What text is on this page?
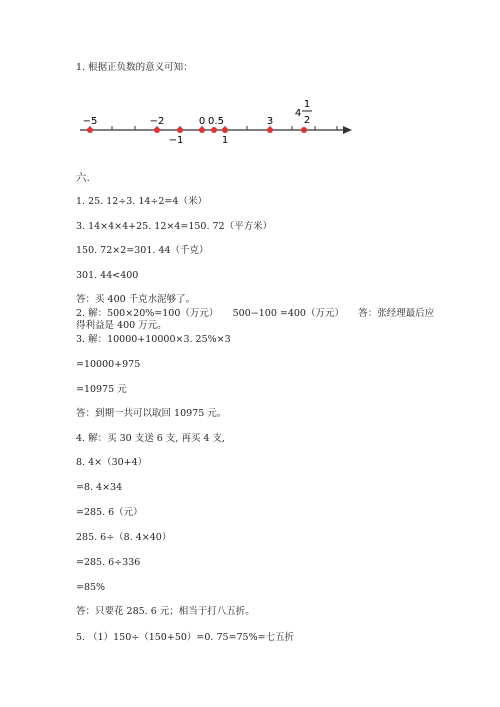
1. 根据正负数的意义可知：
−5	−2	0 0.5	3
4
1
2
−1	1
六.
1. 25. 12÷3. 14÷2=4（米）
3. 14×4×4+25. 12×4=150. 72（平方米）
150. 72×2=301. 44（千克）
301. 44<400
答：买 400 千克水泥够了。
2. 解：500×20%=100（万元）　　500−100 =400（万元）　　答：张经理最后应得利益是 400 万元。
3. 解：10000+10000×3. 25%×3
=10000+975
=10975 元
答：到期一共可以取回 10975 元。
4. 解：买 30 支送 6 支, 再买 4 支,
8. 4×（30+4）
=8. 4×34
=285. 6（元）
285. 6÷（8. 4×40）
=285. 6÷336
=85%
答：只要花 285. 6 元；相当于打八五折。
5. （1）150÷（150+50）=0. 75=75%=七五折
